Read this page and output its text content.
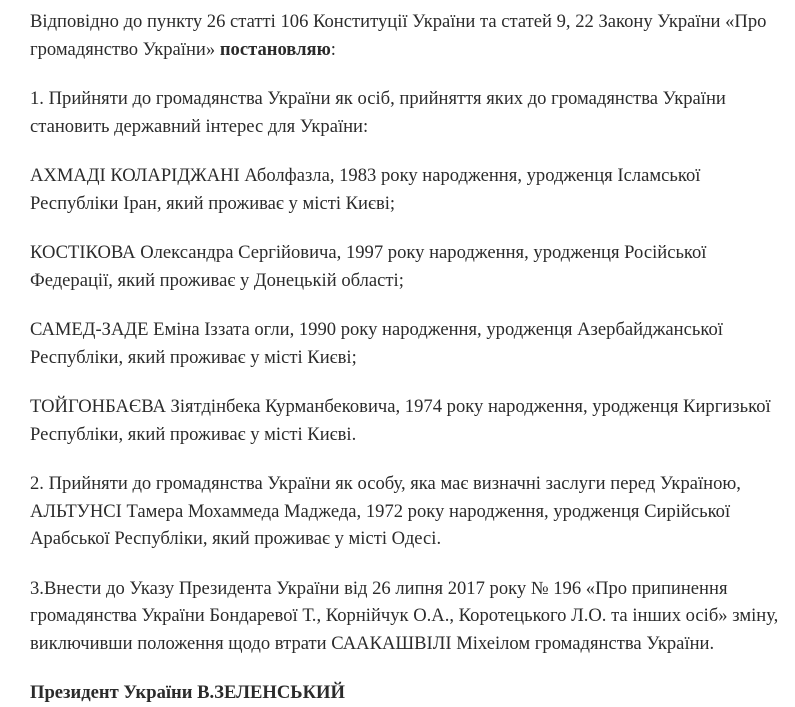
Відповідно до пункту 26 статті 106 Конституції України та статей 9, 22 Закону України «Про громадянство України» постановляю:

1. Прийняти до громадянства України як осіб, прийняття яких до громадянства України становить державний інтерес для України:

АХМАДІ КОЛАРІДЖАНІ Аболфазла, 1983 року народження, уродженця Ісламської Республіки Іран, який проживає у місті Києві;

КОСТІКОВА Олександра Сергійовича, 1997 року народження, уродженця Російської Федерації, який проживає у Донецькій області;

САМЕД-ЗАДЕ Еміна Іззата огли, 1990 року народження, уродженця Азербайджанської Республіки, який проживає у місті Києві;

ТОЙГОНБАЄВА Зіятдінбека Курманбековича, 1974 року народження, уродженця Киргизької Республіки, який проживає у місті Києві.

2. Прийняти до громадянства України як особу, яка має визначні заслуги перед Україною, АЛЬТУНСІ Тамера Мохаммеда Маджеда, 1972 року народження, уродженця Сирійської Арабської Республіки, який проживає у місті Одесі.

3.Внести до Указу Президента України від 26 липня 2017 року № 196 «Про припинення громадянства України Бондаревої Т., Корнійчук О.А., Коротецького Л.О. та інших осіб» зміну, виключивши положення щодо втрати СААКАШВІЛІ Міхеілом громадянства України.

Президент України В.ЗЕЛЕНСЬКИЙ
